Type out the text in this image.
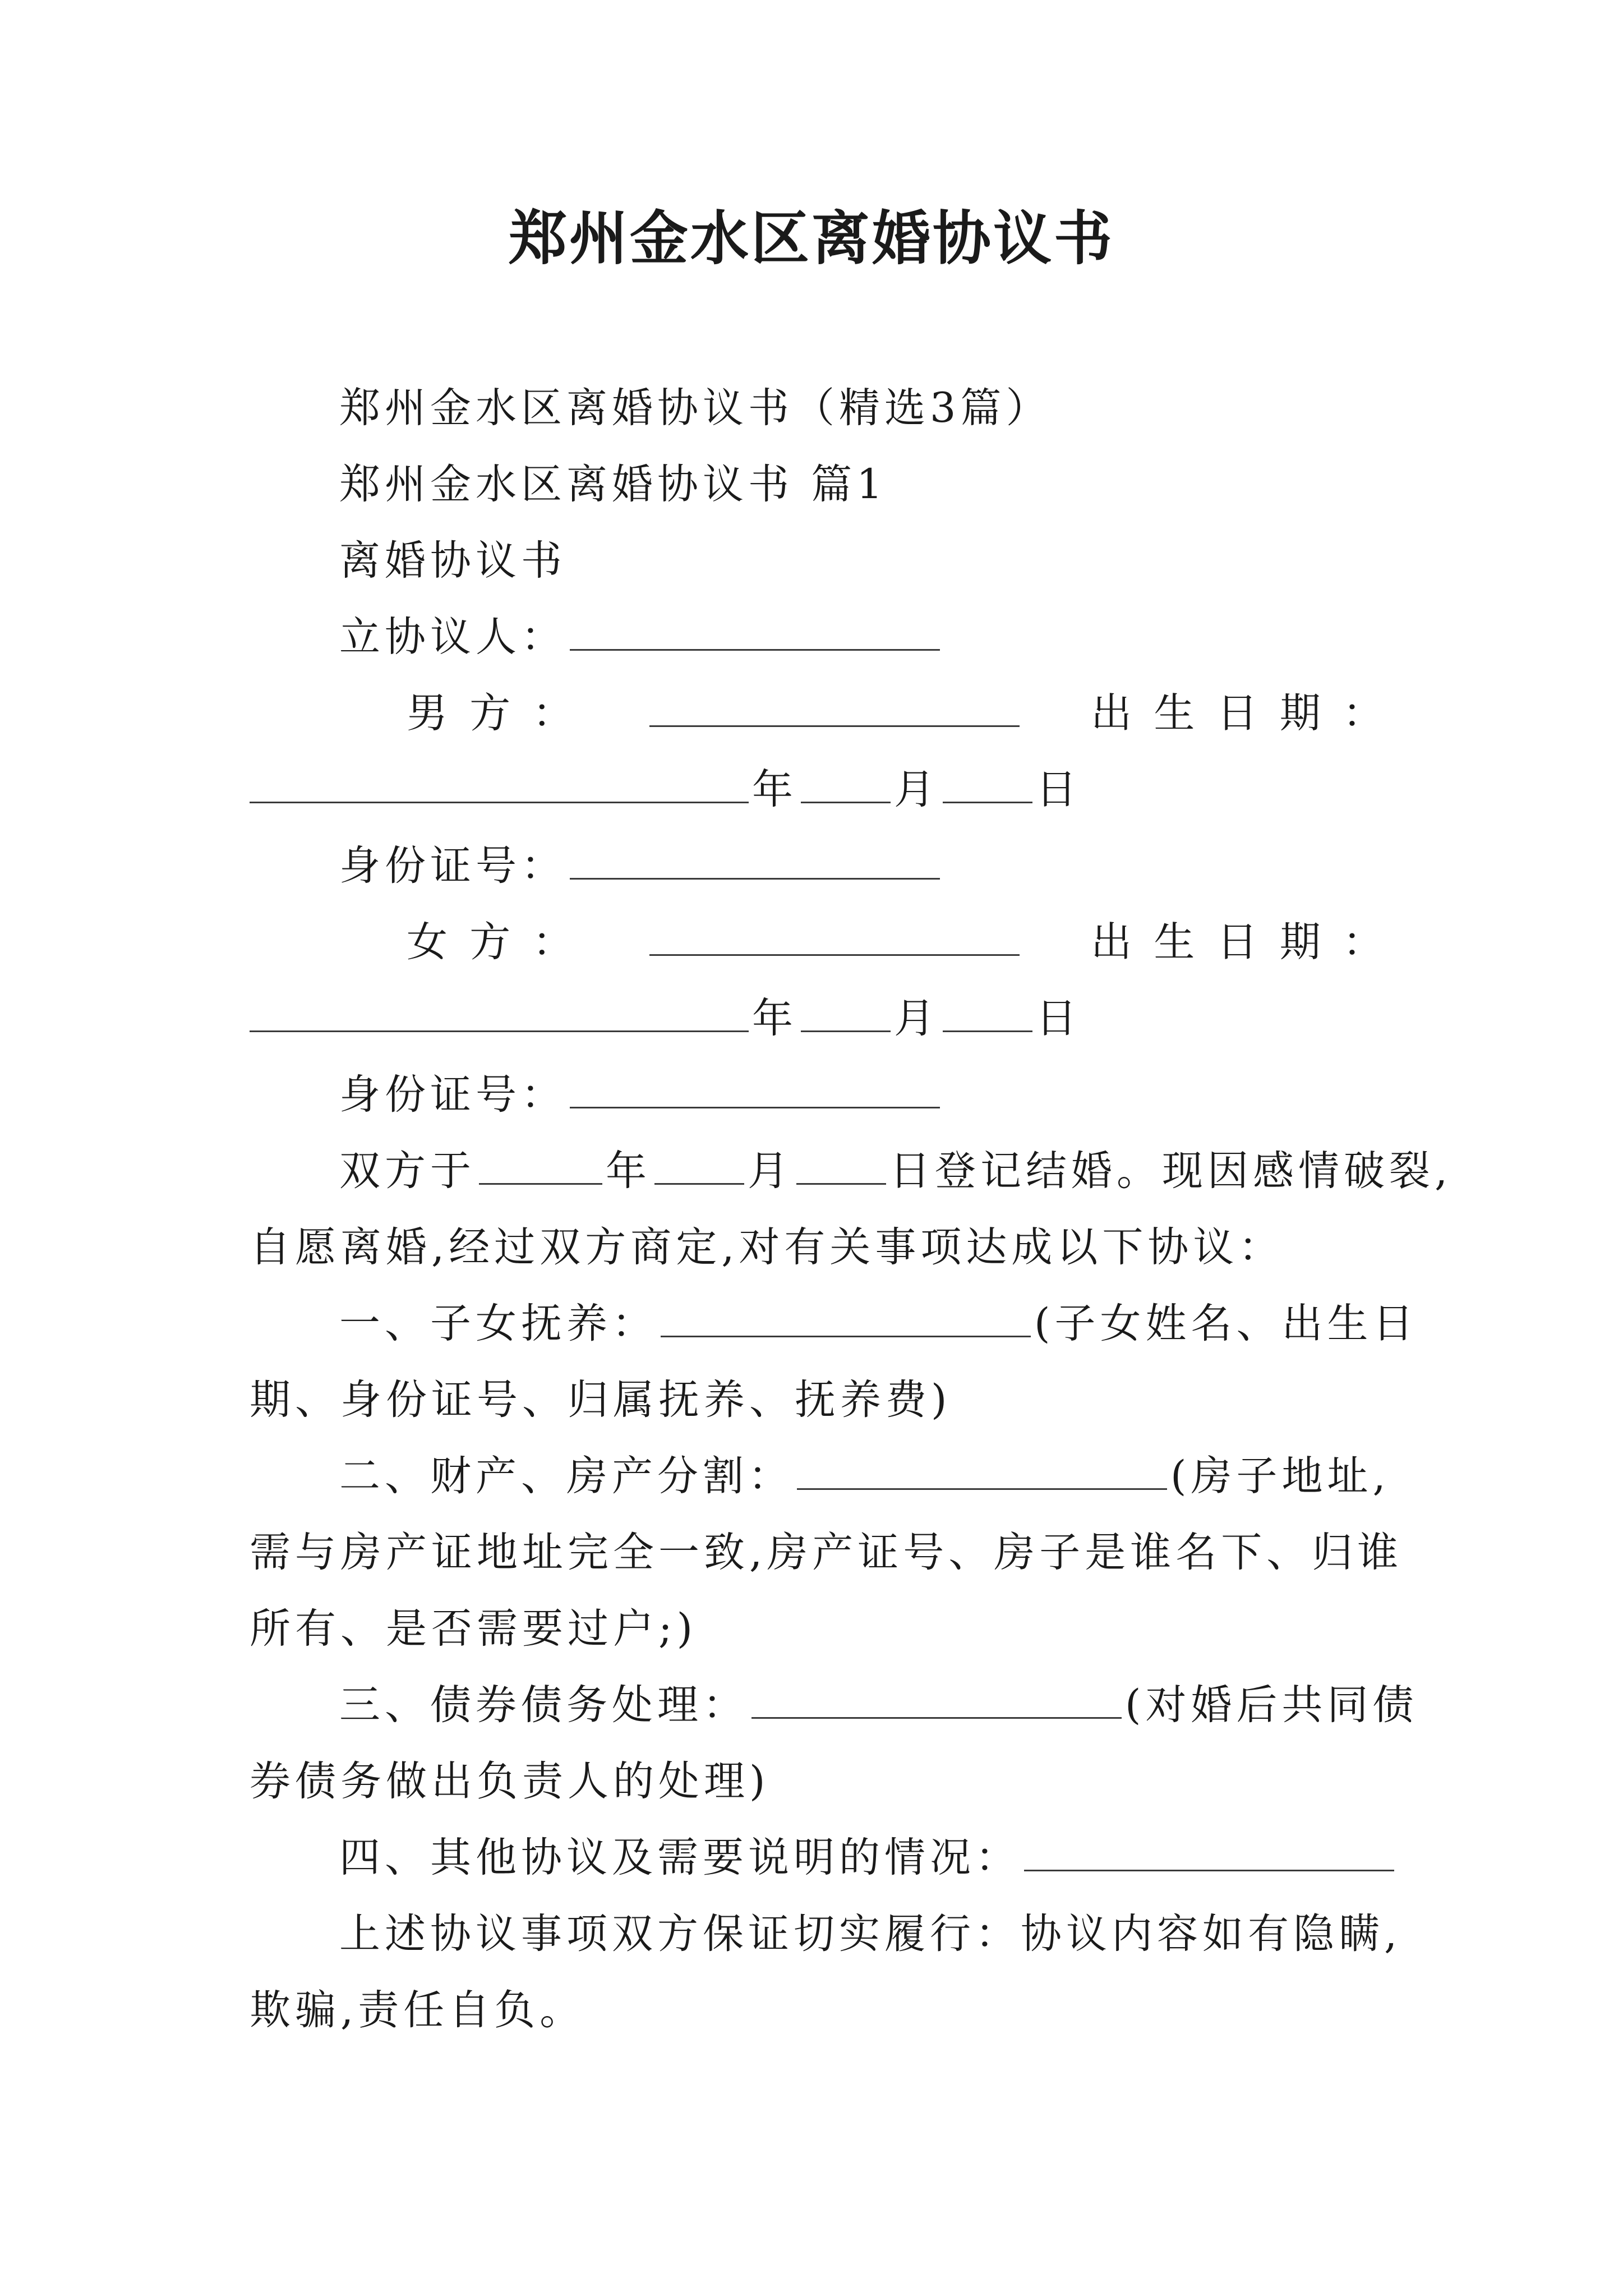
郑州金水区离婚协议书
郑州金水区离婚协议书（精选3篇）
郑州金水区离婚协议书 篇1
离婚协议书
立协议人：
男 方 ：	出 生 日 期 ：
年 月 日
身份证号：
女 方 ：	出 生 日 期 ：
年 月 日
身份证号：
双方于	年 月 日登记结婚。现因感情破裂,
自愿离婚,经过双方商定,对有关事项达成以下协议：
一、子女抚养：	(子女姓名、出生日
期、身份证号、归属抚养、抚养费)
二、财产、房产分割：	(房子地址,
需与房产证地址完全一致,房产证号、房子是谁名下、归谁
所有、是否需要过户;)
三、债券债务处理：	(对婚后共同债
券债务做出负责人的处理)
四、其他协议及需要说明的情况：
上述协议事项双方保证切实履行：协议内容如有隐瞒,
欺骗,责任自负。
